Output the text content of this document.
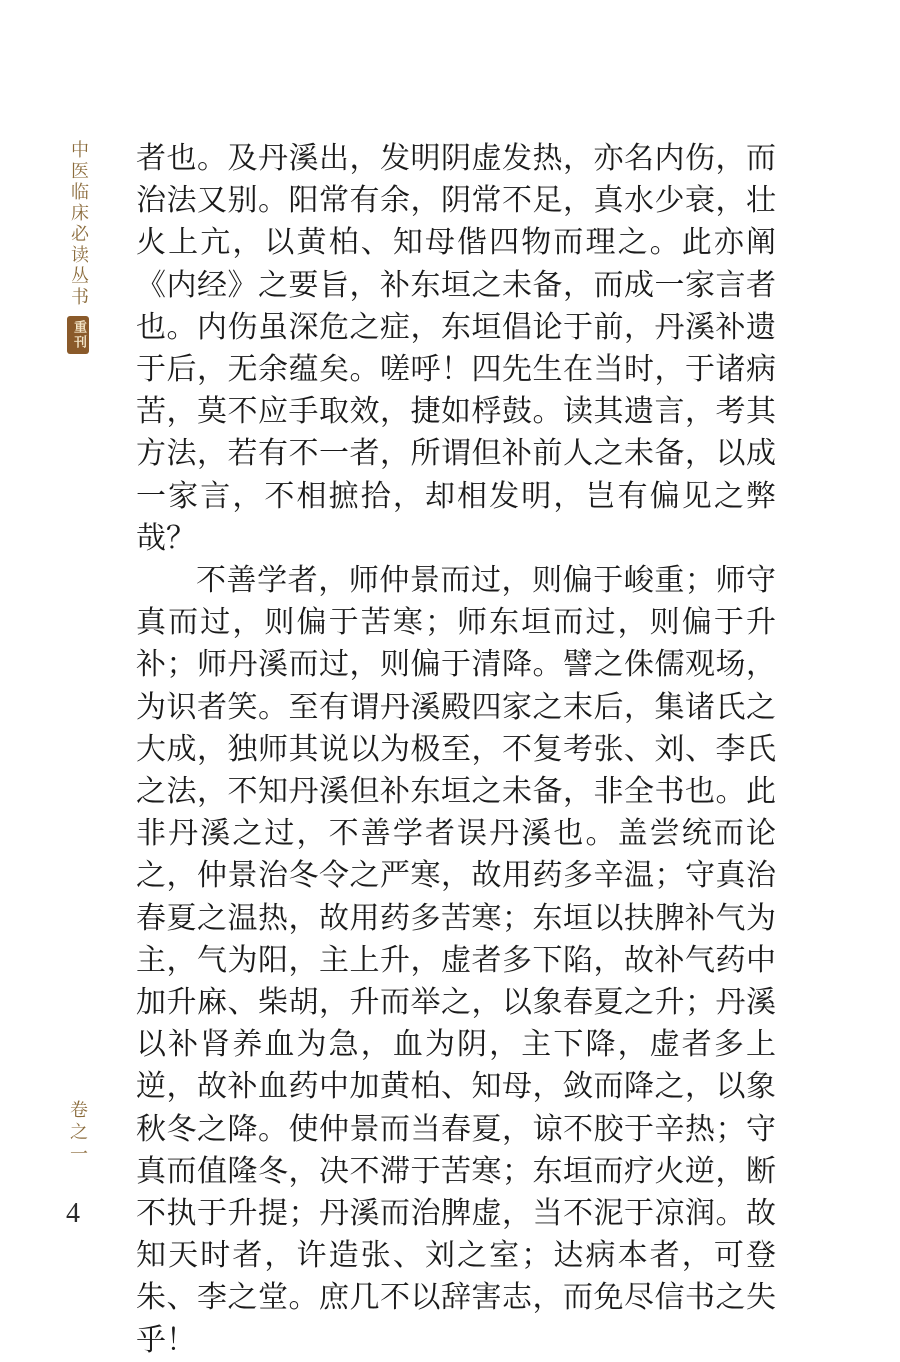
中医临床必读丛书
重刊
卷之一
4

者也。及丹溪出，发明阴虚发热，亦名内伤，而治法又别。阳常有余，阴常不足，真水少衰，壮火上亢，以黄柏、知母偕四物而理之。此亦阐《内经》之要旨，补东垣之未备，而成一家言者也。内伤虽深危之症，东垣倡论于前，丹溪补遗于后，无余蕴矣。嗟呼！四先生在当时，于诸病苦，莫不应手取效，捷如桴鼓。读其遗言，考其方法，若有不一者，所谓但补前人之未备，以成一家言，不相摭拾，却相发明，岂有偏见之弊哉？

不善学者，师仲景而过，则偏于峻重；师守真而过，则偏于苦寒；师东垣而过，则偏于升补；师丹溪而过，则偏于清降。譬之侏儒观场，为识者笑。至有谓丹溪殿四家之末后，集诸氏之大成，独师其说以为极至，不复考张、刘、李氏之法，不知丹溪但补东垣之未备，非全书也。此非丹溪之过，不善学者误丹溪也。盖尝统而论之，仲景治冬令之严寒，故用药多辛温；守真治春夏之温热，故用药多苦寒；东垣以扶脾补气为主，气为阳，主上升，虚者多下陷，故补气药中加升麻、柴胡，升而举之，以象春夏之升；丹溪以补肾养血为急，血为阴，主下降，虚者多上逆，故补血药中加黄柏、知母，敛而降之，以象秋冬之降。使仲景而当春夏，谅不胶于辛热；守真而值隆冬，决不滞于苦寒；东垣而疗火逆，断不执于升提；丹溪而治脾虚，当不泥于凉润。故知天时者，许造张、刘之室；达病本者，可登朱、李之堂。庶几不以辞害志，而免尽信书之失乎！
